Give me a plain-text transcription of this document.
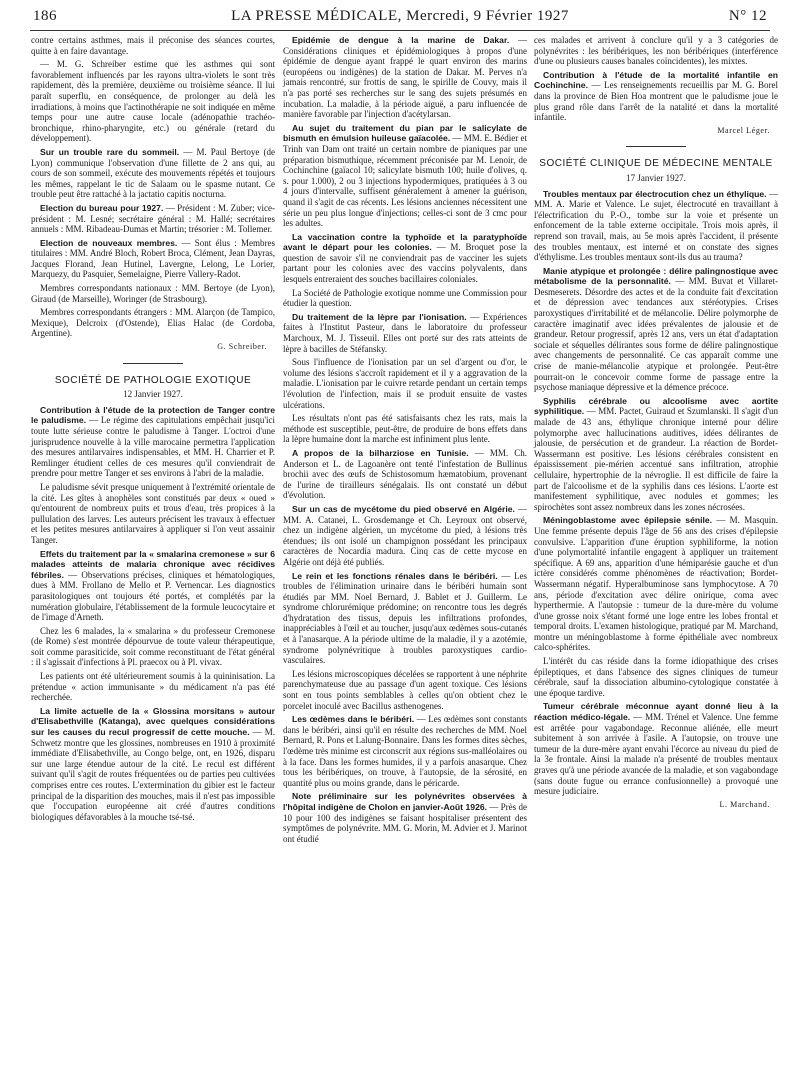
186	LA PRESSE MÉDICALE, Mercredi, 9 Février 1927	N° 12

contre certains asthmes, mais il préconise des séances courtes, quitte à en faire davantage.

— M. G. Schreiber estime que les asthmes qui sont favorablement influencés par les rayons ultra-violets le sont très rapidement, dès la première, deuxième ou troisième séance. Il lui paraît superflu, en conséquence, de prolonger au delà les irradiations, à moins que l'actinothérapie ne soit indiquée en même temps pour une autre cause locale (adénopathie trachéo-bronchique, rhino-pharyngite, etc.) ou générale (retard du développement).

Sur un trouble rare du sommeil. — M. Paul Bertoye (de Lyon) communique l'observation d'une fillette de 2 ans qui, au cours de son sommeil, exécute des mouvements répétés et toujours les mêmes, rappelant le tic de Salaam ou le spasme nutant. Ce trouble peut être rattaché à la jactatio capitis nocturna.

Election du bureau pour 1927. — Président : M. Zuber; vice-président : M. Lesné; secrétaire général : M. Hallé; secrétaires annuels : MM. Ribadeau-Dumas et Martin; trésorier : M. Tollemer.

Election de nouveaux membres. — Sont élus : Membres titulaires : MM. André Bloch, Robert Broca, Clément, Jean Dayras, Jacques Florand, Jean Hutinel, Lavergne, Lelong, Le Lorier, Marquezy, du Pasquier, Semelaigne, Pierre Vallery-Radot.

Membres correspondants nationaux : MM. Bertoye (de Lyon), Giraud (de Marseille), Woringer (de Strasbourg).

Membres correspondants étrangers : MM. Alarçon (de Tampico, Mexique), Delcroix (d'Ostende), Elias Halac (de Cordoba, Argentine).

G. Schreiber.
SOCIÉTÉ DE PATHOLOGIE EXOTIQUE
12 Janvier 1927.

Contribution à l'étude de la protection de Tanger contre le paludisme. — Le régime des capitulations empêchait jusqu'ici toute lutte sérieuse contre le paludisme à Tanger. L'octroi d'une jurisprudence nouvelle à la ville marocaine permettra l'application des mesures antilarvaires indispensables, et MM. H. Charrier et P. Remlinger étudient celles de ces mesures qu'il conviendrait de prendre pour mettre Tanger et ses environs à l'abri de la maladie.

Le paludisme sévit presque uniquement à l'extrémité orientale de la cité. Les gîtes à anophèles sont constitués par deux « oued » qu'entourent de nombreux puits et trous d'eau, très propices à la pullulation des larves. Les auteurs précisent les travaux à effectuer et les petites mesures antilarvaires à appliquer si l'on veut assainir Tanger.

Effets du traitement par la « smalarina cremonese » sur 6 malades atteints de malaria chronique avec récidives fébriles. — Observations précises, cliniques et hématologiques, dues à MM. Frollano de Mello et P. Vernencar. Les diagnostics parasitologiques ont toujours été portés, et complétés par la numération globulaire, l'établissement de la formule leucocytaire et de l'image d'Arneth.

Chez les 6 malades, la « smalarina » du professeur Cremonese (de Rome) s'est montrée dépourvue de toute valeur thérapeutique, soit comme parasiticide, soit comme reconstituant de l'état général : il s'agissait d'infections à Pl. praecox ou à Pl. vivax.

Les patients ont été ultérieurement soumis à la quininisation. La prétendue « action immunisante » du médicament n'a pas été recherchée.

La limite actuelle de la « Glossina morsitans » autour d'Elisabethville (Katanga), avec quelques considérations sur les causes du recul progressif de cette mouche. — M. Schwetz montre que les glossines, nombreuses en 1910 à proximité immédiate d'Elisabethville, au Congo belge, ont, en 1926, disparu sur une large étendue autour de la cité. Le recul est différent suivant qu'il s'agit de routes fréquentées ou de parties peu cultivées comprises entre ces routes. L'extermination du gibier est le facteur principal de la disparition des mouches, mais il n'est pas impossible que l'occupation européenne ait créé d'autres conditions biologiques défavorables à la mouche tsé-tsé.

Epidémie de dengue à la marine de Dakar. — Considérations cliniques et épidémiologiques à propos d'une épidémie de dengue ayant frappé le quart environ des marins (européens ou indigènes) de la station de Dakar. M. Perves n'a jamais rencontré, sur frottis de sang, le spirille de Couvy, mais il n'a pas porté ses recherches sur le sang des sujets présumés en incubation. La maladie, à la période aiguë, a paru influencée de manière favorable par l'injection d'acétylarsan.

Au sujet du traitement du pian par le salicylate de bismuth en émulsion huileuse gaïacolée. — MM. E. Bédier et Trinh van Dam ont traité un certain nombre de pianiques par une préparation bismuthique, récemment préconisée par M. Lenoir, de Cochinchine (gaïacol 10; salicylate bismuth 100; huile d'olives, q. s. pour 1.000), 2 ou 3 injections hypodermiques, pratiquées à 3 ou 4 jours d'intervalle, suffisent généralement à amener la guérison, quand il s'agit de cas récents. Les lésions anciennes nécessitent une série un peu plus longue d'injections; celles-ci sont de 3 cmc pour les adultes.

La vaccination contre la typhoïde et la paratyphoïde avant le départ pour les colonies. — M. Broquet pose la question de savoir s'il ne conviendrait pas de vacciner les sujets partant pour les colonies avec des vaccins polyvalents, dans lesquels entreraient des souches bacillaires coloniales.

La Société de Pathologie exotique nomme une Commission pour étudier la question.

Du traitement de la lèpre par l'ionisation. — Expériences faites à l'Institut Pasteur, dans le laboratoire du professeur Marchoux, M. J. Tisseuil. Elles ont porté sur des rats atteints de lèpre à bacilles de Stéfansky.

Sous l'influence de l'ionisation par un sel d'argent ou d'or, le volume des lésions s'accroît rapidement et il y a aggravation de la maladie. L'ionisation par le cuivre retarde pendant un certain temps l'évolution de l'infection, mais il se produit ensuite de vastes ulcérations.

Les résultats n'ont pas été satisfaisants chez les rats, mais la méthode est susceptible, peut-être, de produire de bons effets dans la lèpre humaine dont la marche est infiniment plus lente.

A propos de la bilharziose en Tunisie. — MM. Ch. Anderson et L. de Lagoanère ont tenté l'infestation de Bullinus brochii avec des œufs de Schistosomum hæmatobium, provenant de l'urine de tirailleurs sénégalais. Ils ont constaté un début d'évolution.

Sur un cas de mycétome du pied observé en Algérie. — MM. A. Catanei, L. Grosdemange et Ch. Leyroux ont observé, chez un indigène algérien, un mycétome du pied, à lésions très étendues; ils ont isolé un champignon possédant les principaux caractères de Nocardia madura. Cinq cas de cette mycose en Algérie ont déjà été publiés.

Le rein et les fonctions rénales dans le béribéri. — Les troubles de l'élimination urinaire dans le béribéri humain sont étudiés par MM. Noel Bernard, J. Bablet et J. Guillerm. Le syndrome chlorurémique prédomine; on rencontre tous les degrés d'hydratation des tissus, depuis les infiltrations profondes, inappréciables à l'œil et au toucher, jusqu'aux œdèmes sous-cutanés et à l'anasarque. A la période ultime de la maladie, il y a azotémie, syndrome polynévritique à troubles paroxystiques cardio-vasculaires.

Les lésions microscopiques décelées se rapportent à une néphrite parenchymateuse due au passage d'un agent toxique. Ces lésions sont en tous points semblables à celles qu'on obtient chez le porcelet inoculé avec Bacillus asthenogenes.

Les œdèmes dans le béribéri. — Les œdèmes sont constants dans le béribéri, ainsi qu'il en résulte des recherches de MM. Noel Bernard, R. Pons et Lalung-Bonnaire. Dans les formes dites sèches, l'œdème très minime est circonscrit aux régions sus-malléolaires ou à la face. Dans les formes humides, il y a parfois anasarque. Chez tous les béribériques, on trouve, à l'autopsie, de la sérosité, en quantité plus ou moins grande, dans le péricarde.

Note préliminaire sur les polynévrites observées à l'hôpital indigène de Cholon en janvier-Août 1926. — Près de 10 pour 100 des indigènes se faisant hospitaliser présentent des symptômes de polynévrite. MM. G. Morin, M. Advier et J. Marinot ont étudié

ces malades et arrivent à conclure qu'il y a 3 catégories de polynévrites : les béribériques, les non béribériques (interférence d'une ou plusieurs causes banales coïncidentes), les mixtes.

Contribution à l'étude de la mortalité infantile en Cochinchine. — Les renseignements recueillis par M. G. Borel dans la province de Bien Hoa montrent que le paludisme joue le plus grand rôle dans l'arrêt de la natalité et dans la mortalité infantile.

Marcel Léger.
SOCIÉTÉ CLINIQUE DE MÉDECINE MENTALE
17 Janvier 1927.

Troubles mentaux par électrocution chez un éthylique. — MM. A. Marie et Valence. Le sujet, électrocuté en travaillant à l'électrification du P.-O., tombe sur la voie et présente un enfoncement de la table externe occipitale. Trois mois après, il reprend son travail, mais, au 5e mois après l'accident, il présente des troubles mentaux, est interné et on constate des signes d'éthylisme. Les troubles mentaux sont-ils dus au trauma?

Manie atypique et prolongée : délire palingnostique avec métabolisme de la personnalité. — MM. Buvat et Villaret-Desmeserets. Désordre des actes et de la conduite fait d'excitation et de dépression avec tendances aux stéréotypies. Crises paroxystiques d'irritabilité et de mélancolie. Délire polymorphe de caractère imaginatif avec idées prévalentes de jalousie et de grandeur. Retour progressif, après 12 ans, vers un état d'adaptation sociale et séquelles délirantes sous forme de délire palingnostique avec changements de personnalité. Ce cas apparaît comme une crise de manie-mélancolie atypique et prolongée. Peut-être pourrait-on le concevoir comme forme de passage entre la psychose maniaque dépressive et la démence précoce.

Syphilis cérébrale ou alcoolisme avec aortite syphilitique. — MM. Pactet, Guiraud et Szumlanski. Il s'agit d'un malade de 43 ans, éthylique chronique interné pour délire polymorphe avec hallucinations auditives, idées délirantes de jalousie, de persécution et de grandeur. La réaction de Bordet-Wassermann est positive. Les lésions cérébrales consistent en épaississement pie-mérien accentué sans infiltration, atrophie cellulaire, hypertrophie de la névroglie. Il est difficile de faire la part de l'alcoolisme et de la syphilis dans ces lésions. L'aorte est manifestement syphilitique, avec nodules et gommes; les spirochètes sont assez nombreux dans les zones nécrosées.

Méningoblastome avec épilepsie sénile. — M. Masquin. Une femme présente depuis l'âge de 56 ans des crises d'épilepsie convulsive. L'apparition d'une éruption syphiliforme, la notion d'une polymortalité infantile engagent à appliquer un traitement spécifique. A 69 ans, apparition d'une hémiparésie gauche et d'un ictère considérés comme phénomènes de réactivation; Bordet-Wassermann négatif. Hyperalbuminose sans lymphocytose. A 70 ans, période d'excitation avec délire onirique, coma avec hyperthermie. A l'autopsie : tumeur de la dure-mère du volume d'une grosse noix s'étant formé une loge entre les lobes frontal et temporal droits. L'examen histologique, pratiqué par M. Marchand, montre un méningoblastome à forme épithéliale avec nombreux calco-sphérites.

L'intérêt du cas réside dans la forme idiopathique des crises épileptiques, et dans l'absence des signes cliniques de tumeur cérébrale, sauf la dissociation albumino-cytologique constatée à une époque tardive.

Tumeur cérébrale méconnue ayant donné lieu à la réaction médico-légale. — MM. Trénel et Valence. Une femme est arrêtée pour vagabondage. Reconnue aliénée, elle meurt subitement à son arrivée à l'asile. A l'autopsie, on trouve une tumeur de la dure-mère ayant envahi l'écorce au niveau du pied de la 3e frontale. Ainsi la malade n'a présenté de troubles mentaux graves qu'à une période avancée de la maladie, et son vagabondage (sans doute fugue ou errance confusionnelle) a provoqué une mesure judiciaire.

L. Marchand.
